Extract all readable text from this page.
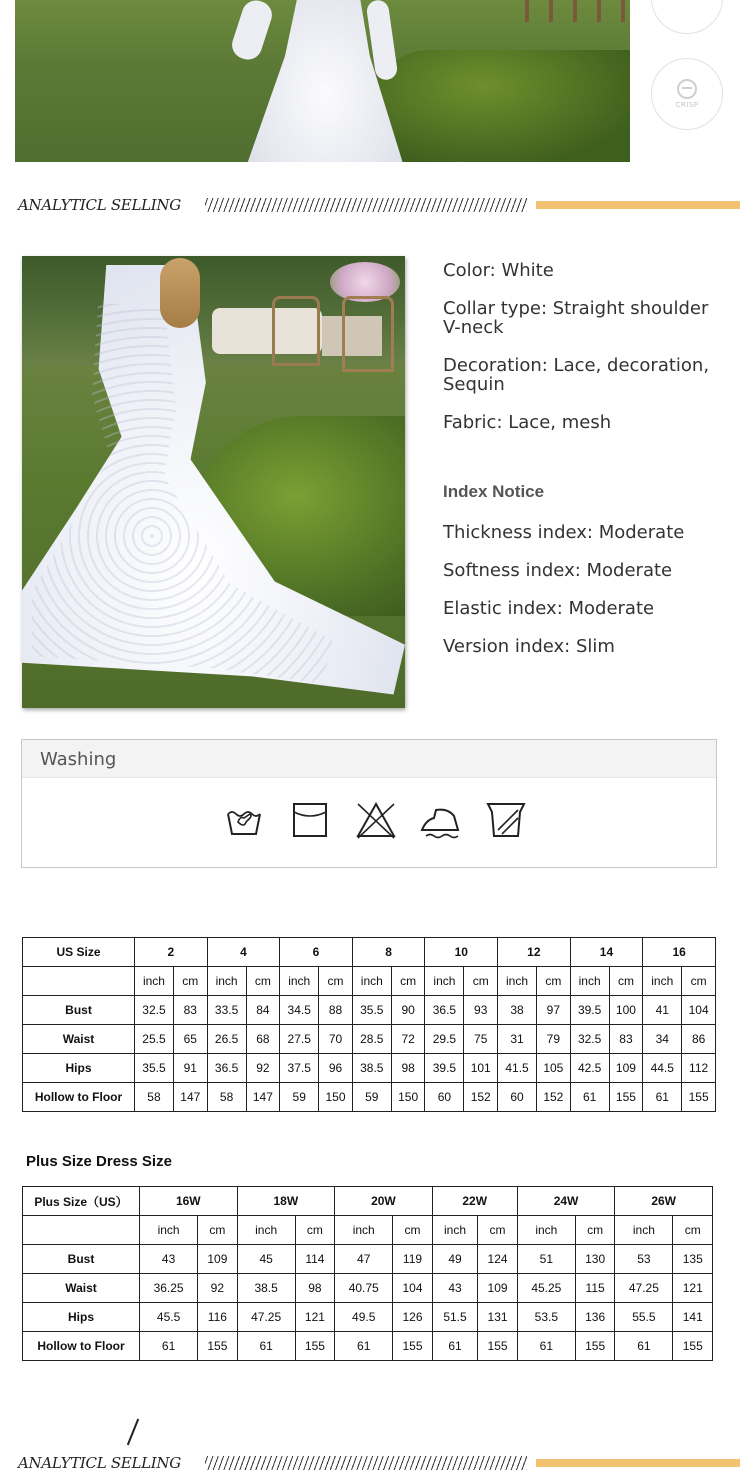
CRISP
ANALYTICL SELLING
Color: White
Collar type: Straight shoulder
V-neck
Decoration: Lace, decoration,
Sequin
Fabric: Lace, mesh
Index Notice
Thickness index: Moderate
Softness index: Moderate
Elastic index: Moderate
Version index: Slim
Washing
US Size	2		4		6		8		10		12		14		16	
	inch	cm	inch	cm	inch	cm	inch	cm	inch	cm	inch	cm	inch	cm	inch	cm
Bust	32.5	83	33.5	84	34.5	88	35.5	90	36.5	93	38	97	39.5	100	41	104
Waist	25.5	65	26.5	68	27.5	70	28.5	72	29.5	75	31	79	32.5	83	34	86
Hips	35.5	91	36.5	92	37.5	96	38.5	98	39.5	101	41.5	105	42.5	109	44.5	112
Hollow to Floor	58	147	58	147	59	150	59	150	60	152	60	152	61	155	61	155
Plus Size Dress Size
Plus Size（US）	16W		18W		20W		22W		24W		26W	
	inch	cm	inch	cm	inch	cm	inch	cm	inch	cm	inch	cm
Bust	43	109	45	114	47	119	49	124	51	130	53	135
Waist	36.25	92	38.5	98	40.75	104	43	109	45.25	115	47.25	121
Hips	45.5	116	47.25	121	49.5	126	51.5	131	53.5	136	55.5	141
Hollow to Floor	61	155	61	155	61	155	61	155	61	155	61	155
ANALYTICL SELLING
